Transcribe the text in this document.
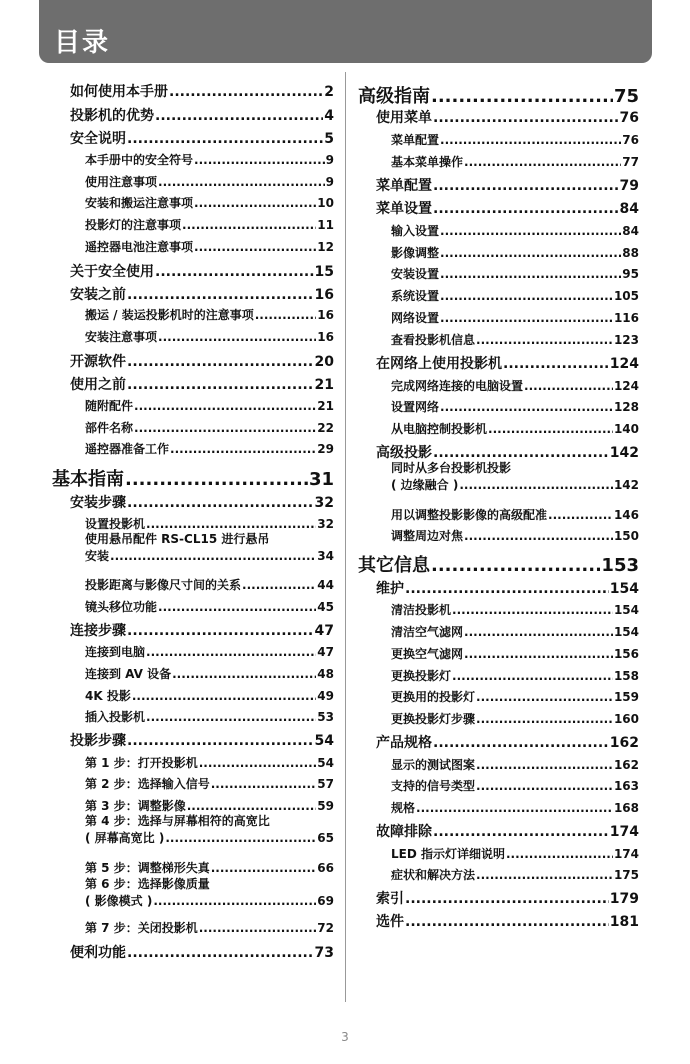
目录
如何使用本手册 .....	2
投影机的优势 .....	4
安全说明 .....	5
本手册中的安全符号 .....	9
使用注意事项 .....	9
安装和搬运注意事项 .....	10
投影灯的注意事项 .....	11
遥控器电池注意事项 .....	12
关于安全使用 .....	15
安装之前 .....	16
搬运 / 装运投影机时的注意事项 .....	16
安装注意事项 .....	16
开源软件 .....	20
使用之前 .....	21
随附配件 .....	21
部件名称 .....	22
遥控器准备工作 .....	29
基本指南 .....	31
安装步骤 .....	32
设置投影机 .....	32
使用悬吊配件 RS-CL15 进行悬吊
安装 .....	34
投影距离与影像尺寸间的关系 .....	44
镜头移位功能 .....	45
连接步骤 .....	47
连接到电脑 .....	47
连接到 AV 设备 .....	48
4K 投影 .....	49
插入投影机 .....	53
投影步骤 .....	54
第 1 步：打开投影机 .....	54
第 2 步：选择输入信号 .....	57
第 3 步：调整影像 .....	59
第 4 步：选择与屏幕相符的高宽比
( 屏幕高宽比 ) .....	65
第 5 步：调整梯形失真 .....	66
第 6 步：选择影像质量
( 影像模式 ) .....	69
第 7 步：关闭投影机 .....	72
便利功能 .....	73
高级指南 .....	75
使用菜单 .....	76
菜单配置 .....	76
基本菜单操作 .....	77
菜单配置 .....	79
菜单设置 .....	84
输入设置 .....	84
影像调整 .....	88
安装设置 .....	95
系统设置 .....	105
网络设置 .....	116
查看投影机信息 .....	123
在网络上使用投影机 .....	124
完成网络连接的电脑设置 .....	124
设置网络 .....	128
从电脑控制投影机 .....	140
高级投影 .....	142
同时从多台投影机投影
( 边缘融合 ) .....	142
用以调整投影影像的高级配准 .....	146
调整周边对焦 .....	150
其它信息 .....	153
维护 .....	154
清洁投影机 .....	154
清洁空气滤网 .....	154
更换空气滤网 .....	156
更换投影灯 .....	158
更换用的投影灯 .....	159
更换投影灯步骤 .....	160
产品规格 .....	162
显示的测试图案 .....	162
支持的信号类型 .....	163
规格 .....	168
故障排除 .....	174
LED 指示灯详细说明 .....	174
症状和解决方法 .....	175
索引 .....	179
选件 .....	181
3
